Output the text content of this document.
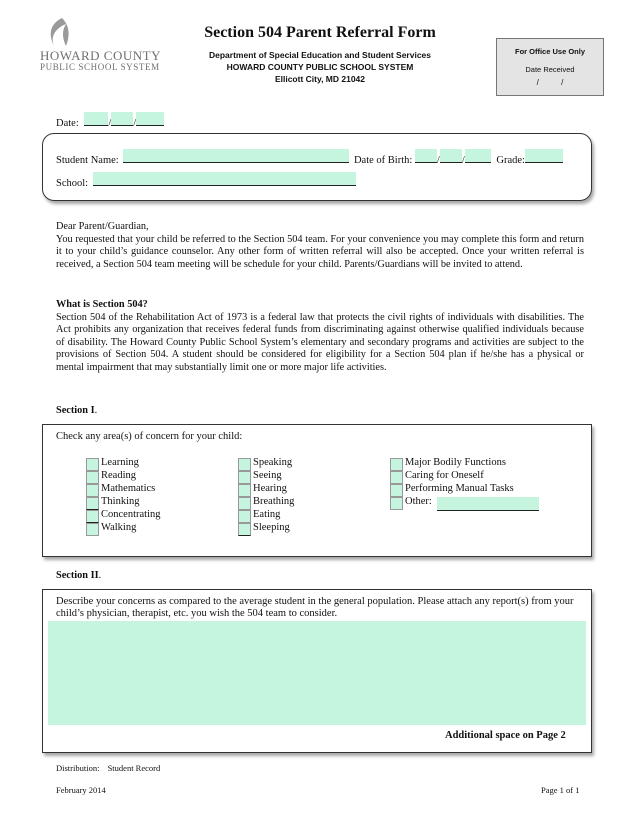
HOWARD COUNTY
PUBLIC SCHOOL SYSTEM
Section 504 Parent Referral Form
Department of Special Education and Student Services
HOWARD COUNTY PUBLIC SCHOOL SYSTEM
Ellicott City, MD 21042
For Office Use Only
Date Received
/          /
Date:	/ /
Student Name:	Date of Birth: / /	Grade:
School:
Dear Parent/Guardian,
You requested that your child be referred to the Section 504 team. For your convenience you may complete this form and return it to your child’s guidance counselor. Any other form of written referral will also be accepted. Once your written referral is received, a Section 504 team meeting will be schedule for your child. Parents/Guardians will be invited to attend.
What is Section 504?
Section 504 of the Rehabilitation Act of 1973 is a federal law that protects the civil rights of individuals with disabilities. The Act prohibits any organization that receives federal funds from discriminating against otherwise qualified individuals because of disability. The Howard County Public School System’s elementary and secondary programs and activities are subject to the provisions of Section 504. A student should be considered for eligibility for a Section 504 plan if he/she has a physical or mental impairment that may substantially limit one or more major life activities.
Section I.
Check any area(s) of concern for your child:
Learning
Reading
Mathematics
Thinking
Concentrating
Walking
Speaking
Seeing
Hearing
Breathing
Eating
Sleeping
Major Bodily Functions
Caring for Oneself
Performing Manual Tasks
Other:
Section II.
Describe your concerns as compared to the average student in the general population. Please attach any report(s) from your child’s physician, therapist, etc. you wish the 504 team to consider.
Additional space on Page 2
Distribution: Student Record
February 2014	Page 1 of 1
